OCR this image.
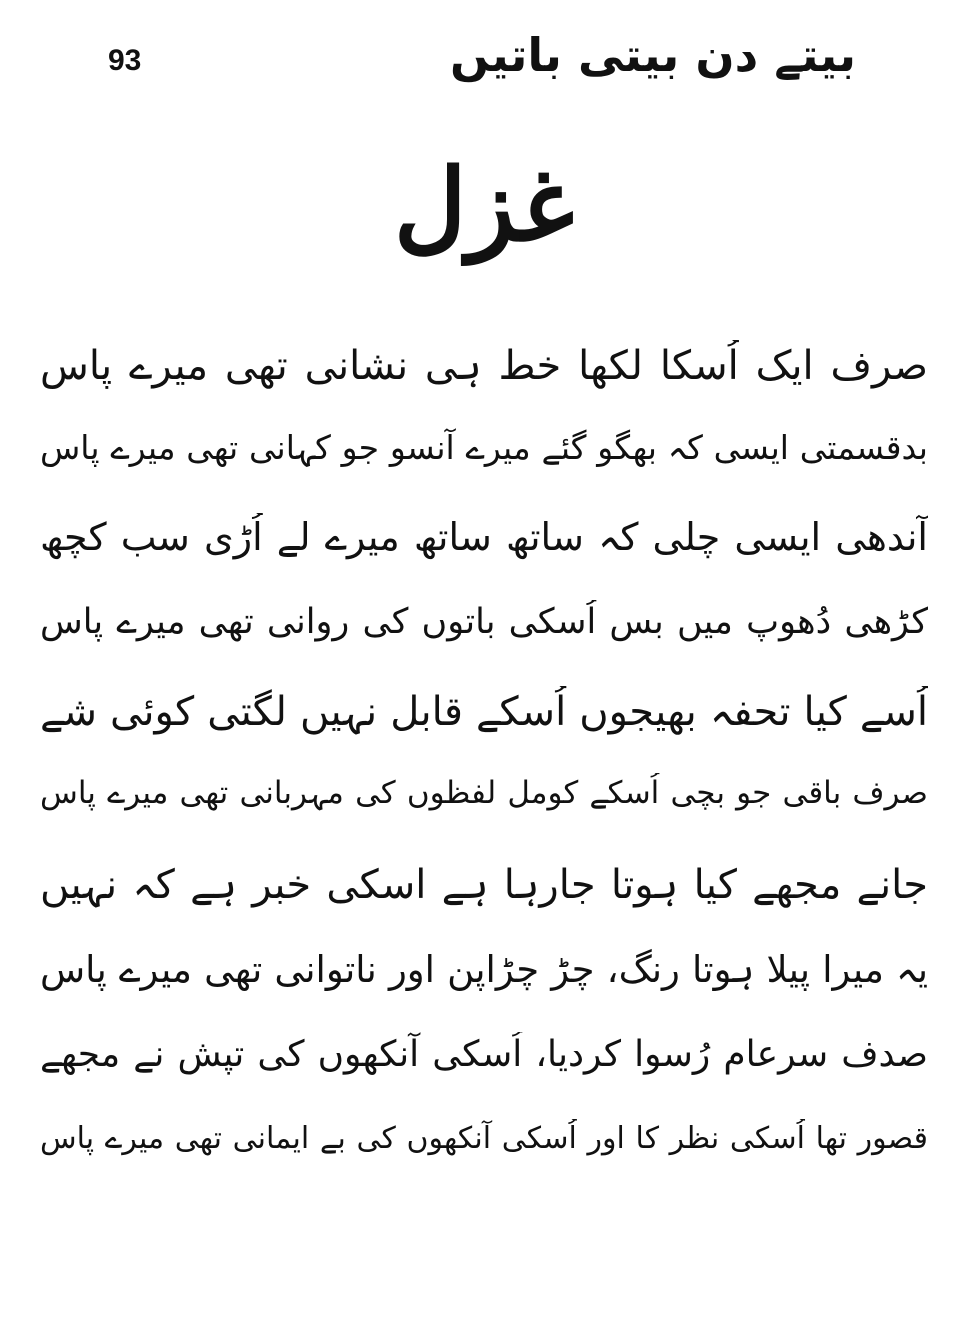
93	بیتے دن بیتی باتیں
غزل
صرف ایک اُسکا لکھا خط ہی نشانی تھی میرے پاس
بدقسمتی ایسی کہ بھگو گئے میرے آنسو جو کہانی تھی میرے پاس
آندھی ایسی چلی کہ ساتھ ساتھ میرے لے اُڑی سب کچھ
کڑھی دُھوپ میں بس اُسکی باتوں کی روانی تھی میرے پاس
اُسے کیا تحفہ بھیجوں اُسکے قابل نہیں لگتی کوئی شے
صرف باقی جو بچی اُسکے کومل لفظوں کی مہربانی تھی میرے پاس
جانے مجھے کیا ہوتا جارہا ہے اسکی خبر ہے کہ نہیں
یہ میرا پیلا ہوتا رنگ، چڑ چڑاپن اور ناتوانی تھی میرے پاس
صدف سرعام رُسوا کردیا، اُسکی آنکھوں کی تپش نے مجھے
قصور تھا اُسکی نظر کا اور اُسکی آنکھوں کی بے ایمانی تھی میرے پاس
